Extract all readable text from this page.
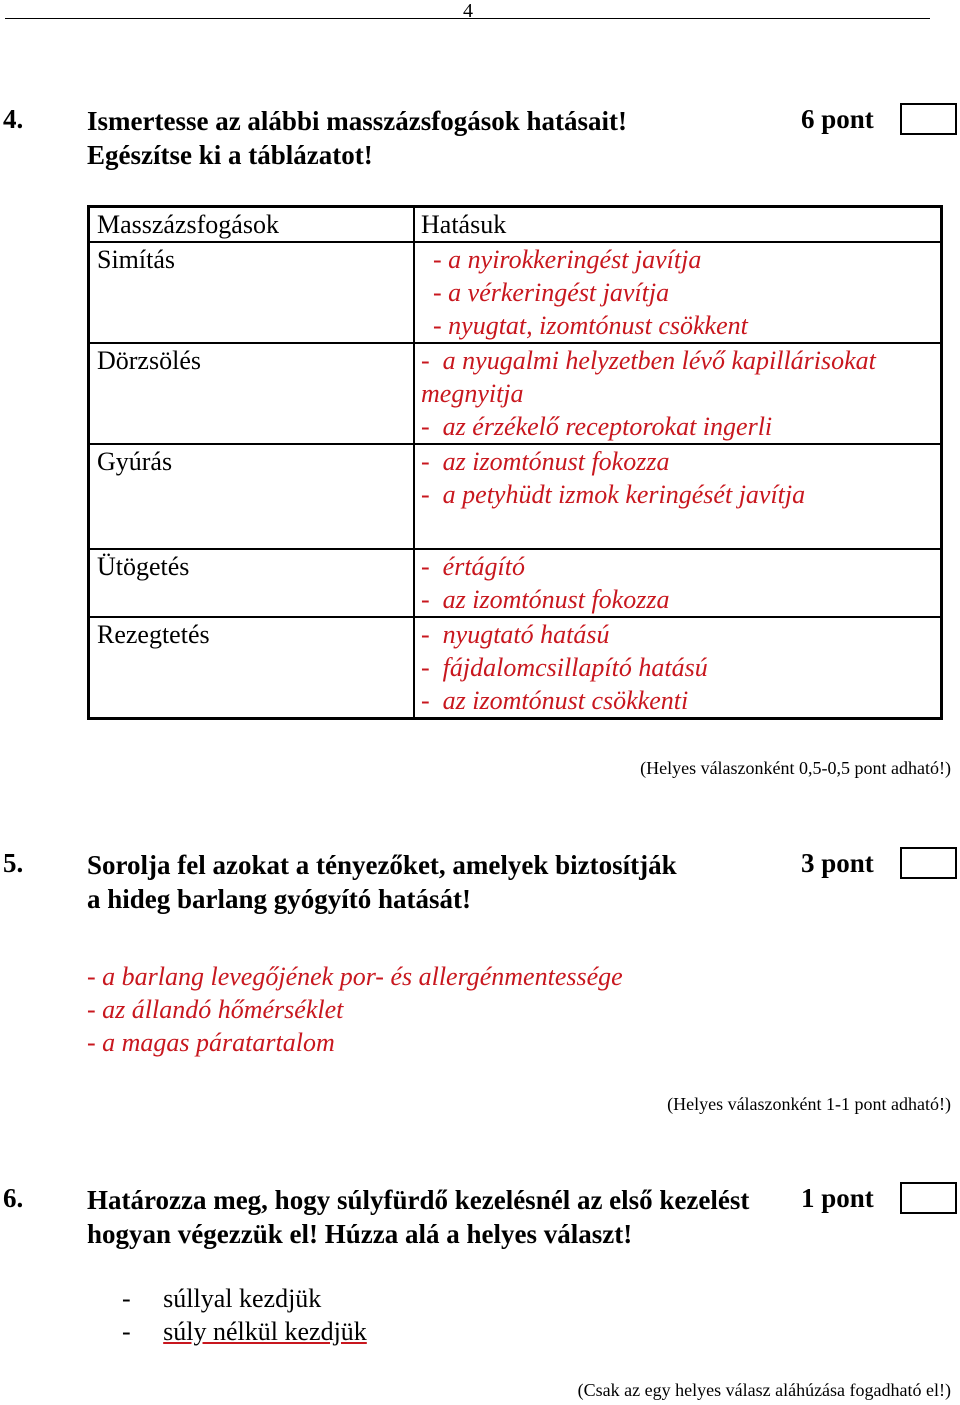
4
4. Ismertesse az alábbi masszázsfogások hatásait!
Egészítse ki a táblázatot!
6 pont
Masszázsfogások	Hatásuk
Simítás	- a nyirokkeringést javítja
- a vérkeringést javítja
- nyugtat, izomtónust csökkent

Dörzsölés	-  a nyugalmi helyzetben lévő kapillárisokat
megnyitja
-  az érzékelő receptorokat ingerli

Gyúrás	-  az izomtónust fokozza
-  a petyhüdt izmok keringését javítja

Ütögetés	-  értágító
-  az izomtónust fokozza

Rezegtetés	-  nyugtató hatású
-  fájdalomcsillapító hatású
-  az izomtónust csökkenti
(Helyes válaszonként 0,5-0,5 pont adható!)
5. Sorolja fel azokat a tényezőket, amelyek biztosítják
a hideg barlang gyógyító hatását!
3 pont
- a barlang levegőjének por- és allergénmentessége
- az állandó hőmérséklet
- a magas páratartalom
(Helyes válaszonként 1-1 pont adható!)
6. Határozza meg, hogy súlyfürdő kezelésnél az első kezelést
hogyan végezzük el! Húzza alá a helyes választ!
1 pont
- súllyal kezdjük
- súly nélkül kezdjük
(Csak az egy helyes válasz aláhúzása fogadható el!)
